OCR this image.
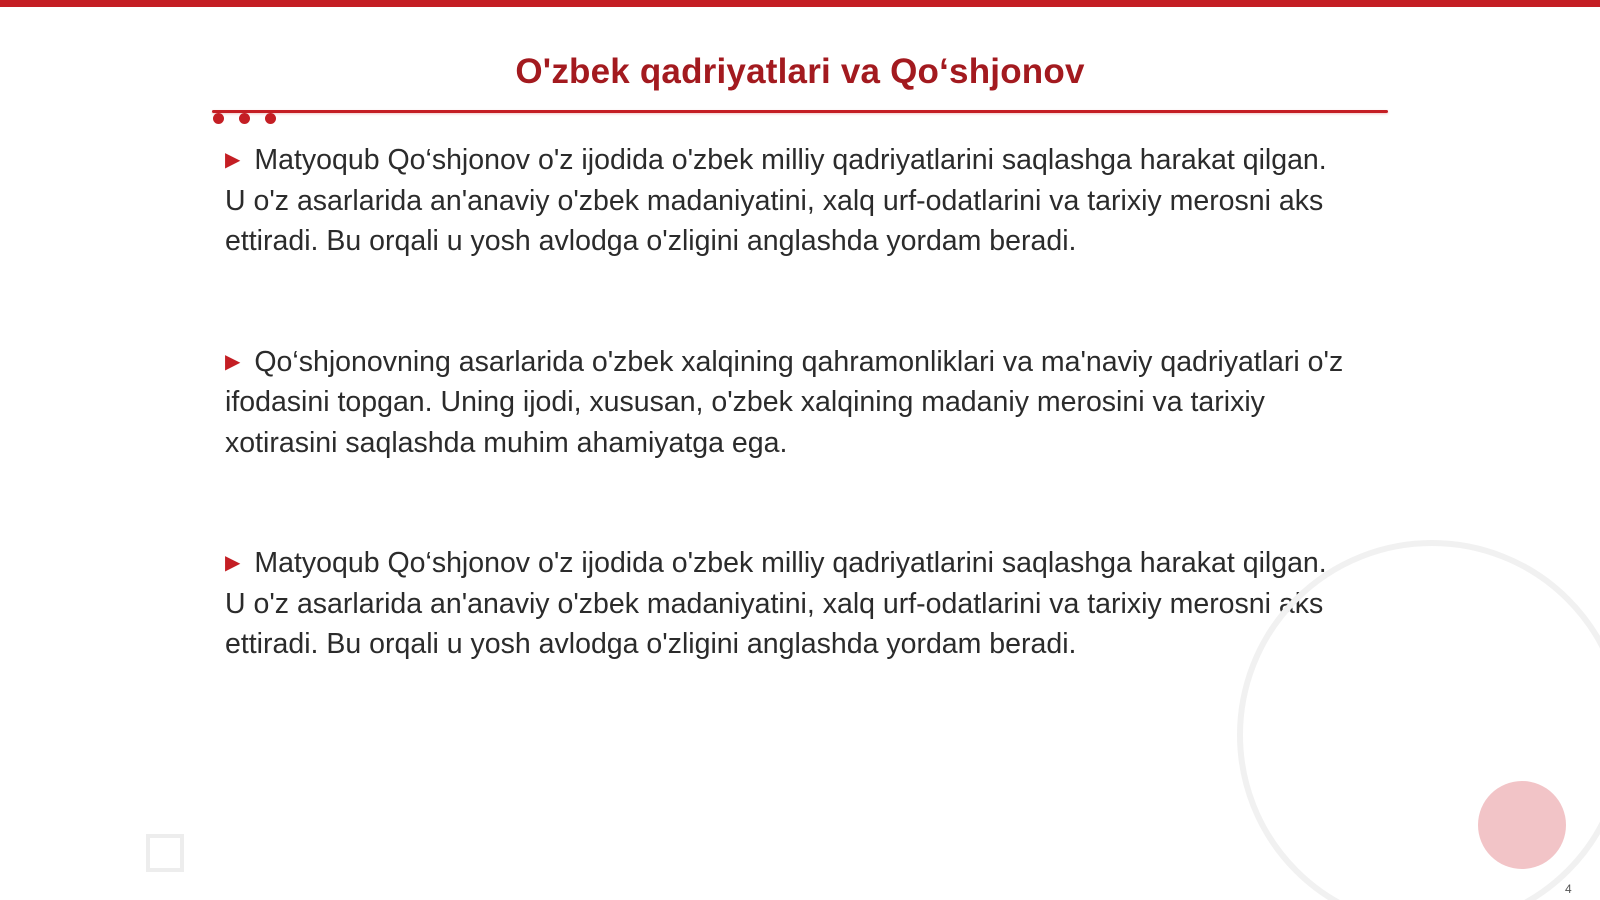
O'zbek qadriyatlari va Qo‘shjonov

▶ Matyoqub Qo‘shjonov o'z ijodida o'zbek milliy qadriyatlarini saqlashga harakat qilgan. U o'z asarlarida an'anaviy o'zbek madaniyatini, xalq urf-odatlarini va tarixiy merosni aks ettiradi. Bu orqali u yosh avlodga o'zligini anglashda yordam beradi.

▶ Qo‘shjonovning asarlarida o'zbek xalqining qahramonliklari va ma'naviy qadriyatlari o'z ifodasini topgan. Uning ijodi, xususan, o'zbek xalqining madaniy merosini va tarixiy xotirasini saqlashda muhim ahamiyatga ega.

▶ Matyoqub Qo‘shjonov o'z ijodida o'zbek milliy qadriyatlarini saqlashga harakat qilgan. U o'z asarlarida an'anaviy o'zbek madaniyatini, xalq urf-odatlarini va tarixiy merosni aks ettiradi. Bu orqali u yosh avlodga o'zligini anglashda yordam beradi.

4
